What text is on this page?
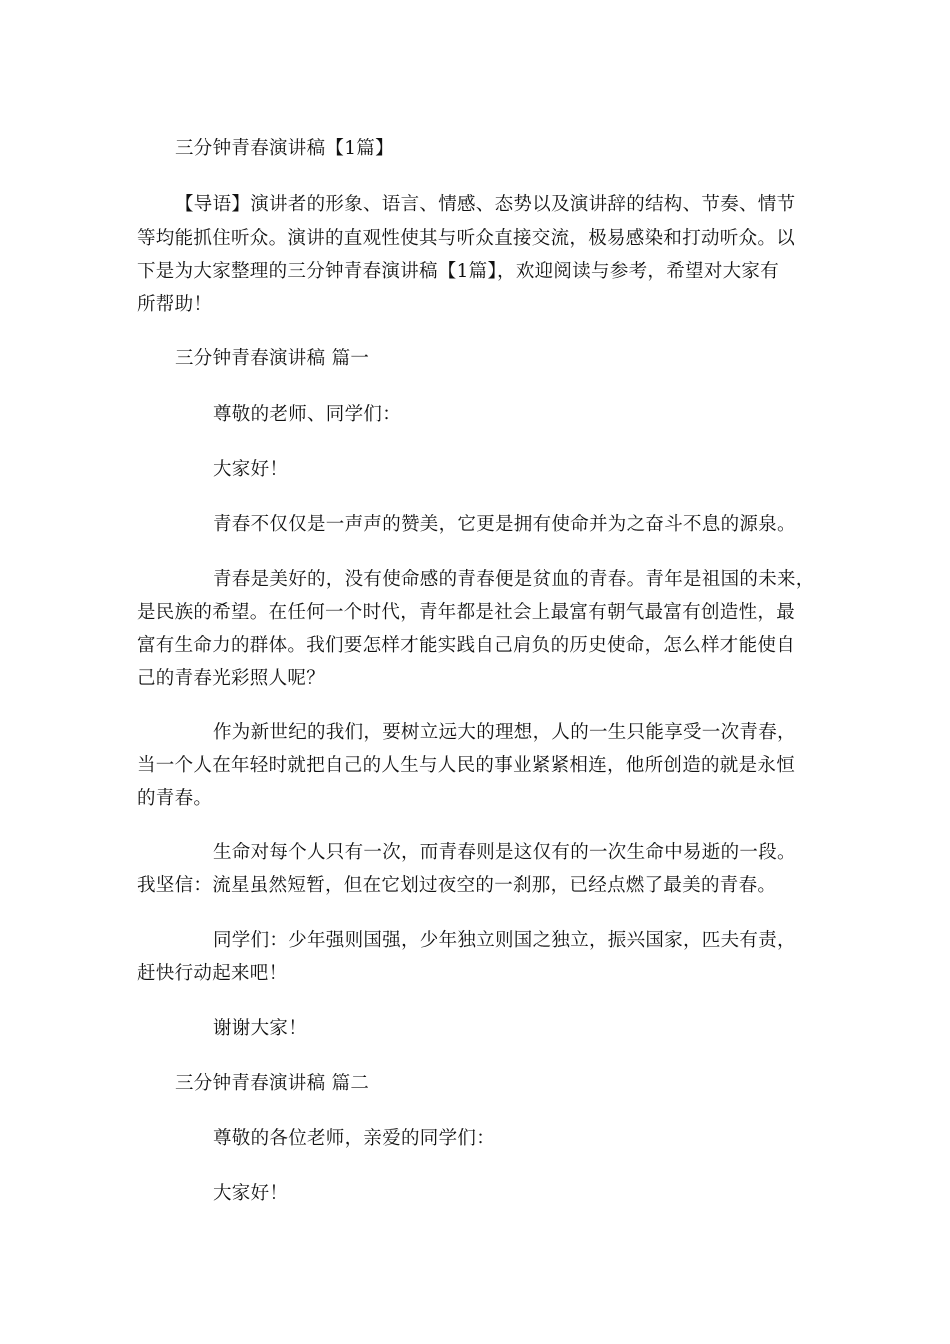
三分钟青春演讲稿【1篇】
【导语】演讲者的形象、语言、情感、态势以及演讲辞的结构、节奏、情节
等均能抓住听众。演讲的直观性使其与听众直接交流，极易感染和打动听众。以
下是为大家整理的三分钟青春演讲稿【1篇】，欢迎阅读与参考，希望对大家有
所帮助！
三分钟青春演讲稿 篇一
尊敬的老师、同学们：
大家好！
青春不仅仅是一声声的赞美，它更是拥有使命并为之奋斗不息的源泉。
青春是美好的，没有使命感的青春便是贫血的青春。青年是祖国的未来，
是民族的希望。在任何一个时代，青年都是社会上最富有朝气最富有创造性，最
富有生命力的群体。我们要怎样才能实践自己肩负的历史使命，怎么样才能使自
己的青春光彩照人呢？
作为新世纪的我们，要树立远大的理想，人的一生只能享受一次青春，
当一个人在年轻时就把自己的人生与人民的事业紧紧相连，他所创造的就是永恒
的青春。
生命对每个人只有一次，而青春则是这仅有的一次生命中易逝的一段。
我坚信：流星虽然短暂，但在它划过夜空的一刹那，已经点燃了最美的青春。
同学们：少年强则国强，少年独立则国之独立，振兴国家，匹夫有责，
赶快行动起来吧！
谢谢大家！
三分钟青春演讲稿 篇二
尊敬的各位老师，亲爱的同学们：
大家好！
